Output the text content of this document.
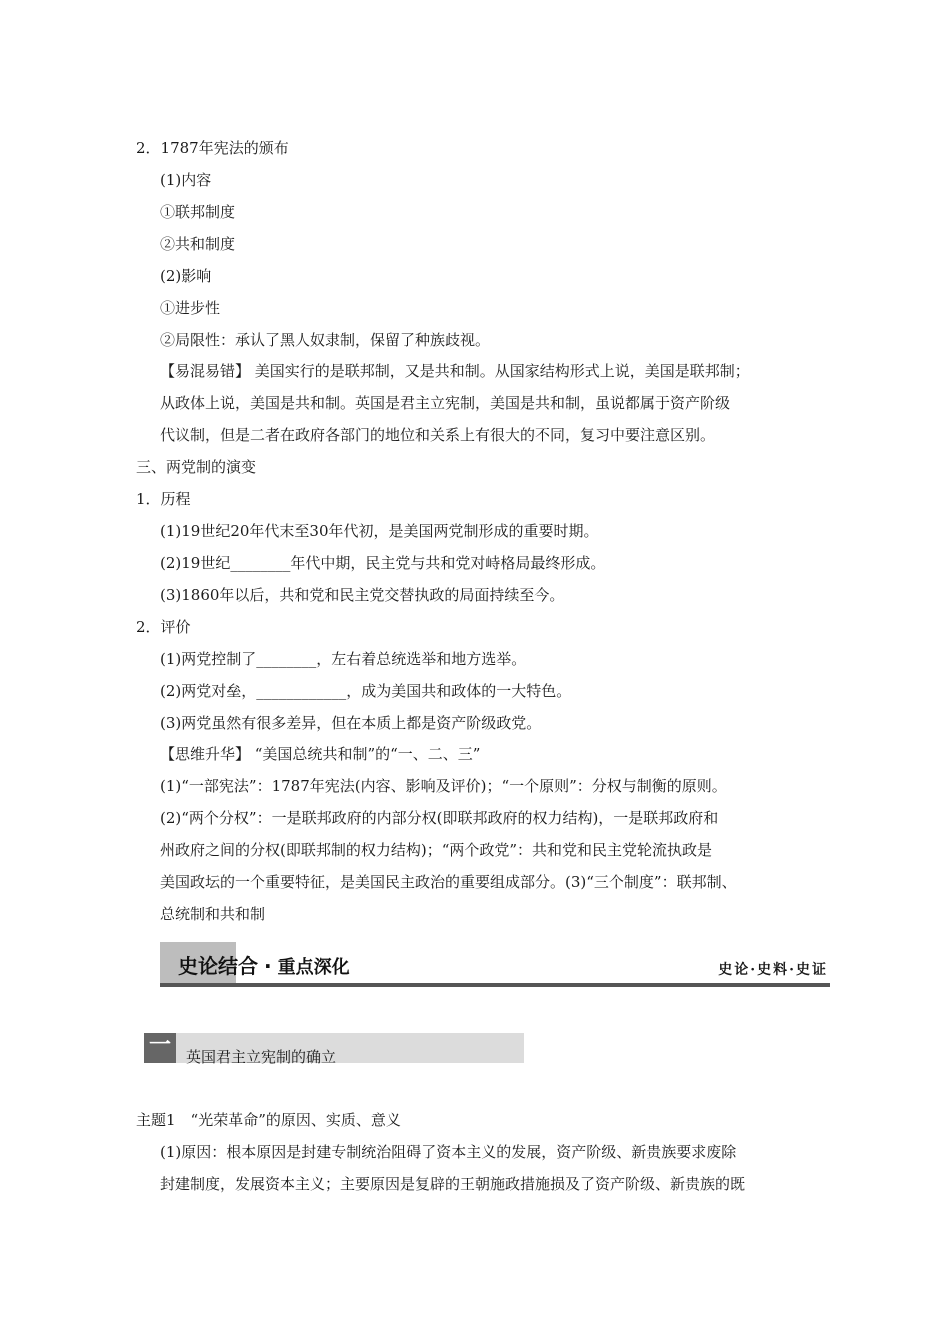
2．1787年宪法的颁布
(1)内容
①联邦制度
②共和制度
(2)影响
①进步性
②局限性：承认了黑人奴隶制，保留了种族歧视。
【易混易错】 美国实行的是联邦制，又是共和制。从国家结构形式上说，美国是联邦制；
从政体上说，美国是共和制。英国是君主立宪制，美国是共和制，虽说都属于资产阶级
代议制，但是二者在政府各部门的地位和关系上有很大的不同，复习中要注意区别。
三、两党制的演变
1．历程
(1)19世纪20年代末至30年代初，是美国两党制形成的重要时期。
(2)19世纪________年代中期，民主党与共和党对峙格局最终形成。
(3)1860年以后，共和党和民主党交替执政的局面持续至今。
2．评价
(1)两党控制了________，左右着总统选举和地方选举。
(2)两党对垒，____________，成为美国共和政体的一大特色。
(3)两党虽然有很多差异，但在本质上都是资产阶级政党。
【思维升华】 “美国总统共和制”的“一、二、三”
(1)“一部宪法”：1787年宪法(内容、影响及评价)；“一个原则”：分权与制衡的原则。
(2)“两个分权”：一是联邦政府的内部分权(即联邦政府的权力结构)，一是联邦政府和
州政府之间的分权(即联邦制的权力结构)；“两个政党”：共和党和民主党轮流执政是
美国政坛的一个重要特征，是美国民主政治的重要组成部分。(3)“三个制度”：联邦制、
总统制和共和制
史论结合 · 重点深化	史论·史料·史证
一	英国君主立宪制的确立
主题1　“光荣革命”的原因、实质、意义
(1)原因：根本原因是封建专制统治阻碍了资本主义的发展，资产阶级、新贵族要求废除
封建制度，发展资本主义；主要原因是复辟的王朝施政措施损及了资产阶级、新贵族的既
